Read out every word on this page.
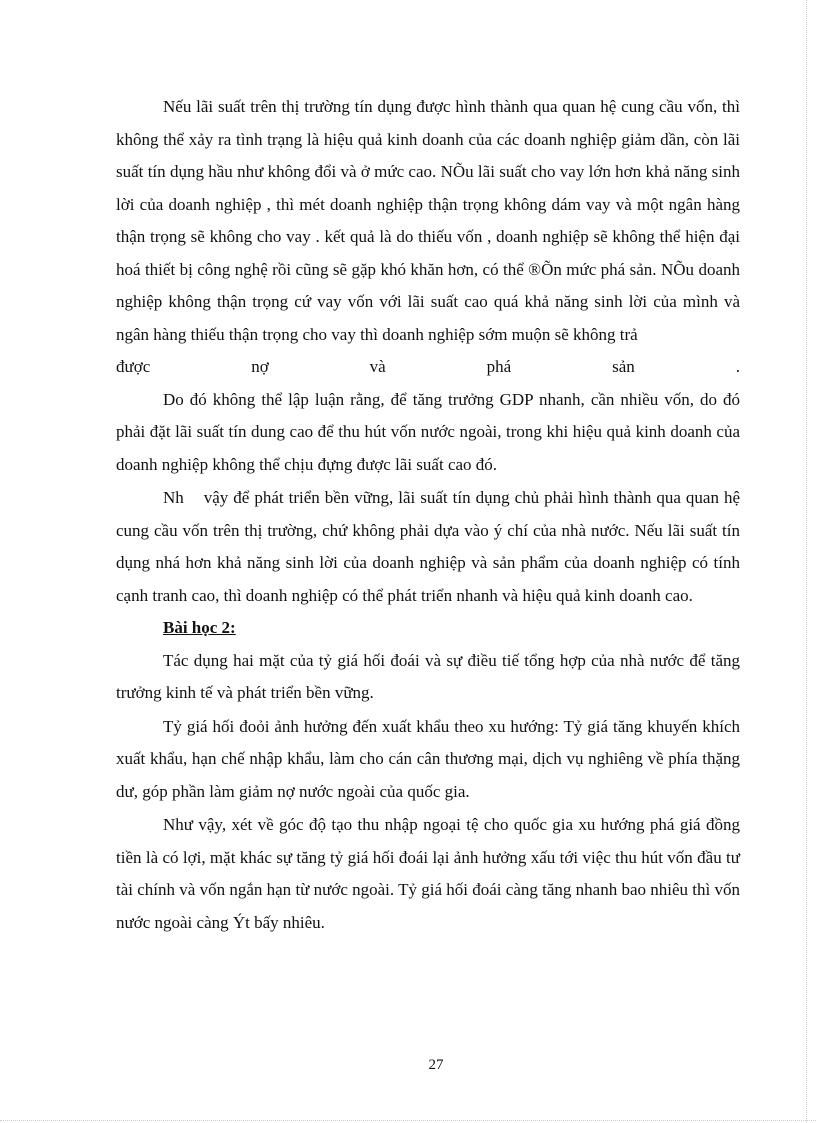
Nếu lãi suất trên thị trường tín dụng được hình thành qua quan hệ cung cầu vốn, thì không thể xảy ra tình trạng là hiệu quả kinh doanh của các doanh nghiệp giảm dần, còn lãi suất tín dụng hầu như không đổi và ở mức cao. NÕu lãi suất cho vay lớn hơn khả năng sinh lời của doanh nghiệp , thì mét doanh nghiệp thận trọng không dám vay và một ngân hàng thận trọng sẽ không cho vay . kết quả là do thiếu vốn , doanh nghiệp sẽ không thể hiện đại hoá thiết bị công nghệ rồi cũng sẽ gặp khó khăn hơn, có thể ®Õn mức phá sản. NÕu doanh nghiệp không thận trọng cứ vay vốn với lãi suất cao quá khả năng sinh lời của mình và ngân hàng thiếu thận trọng cho vay thì doanh nghiệp sớm muộn sẽ không trả

được nợ và phá sản .

Do đó không thể lập luận rằng, để tăng trưởng GDP nhanh, cần nhiều vốn, do đó phải đặt lãi suất tín dung cao để thu hút vốn nước ngoài, trong khi hiệu quả kinh doanh của doanh nghiệp không thể chịu đựng được lãi suất cao đó.

Nh    vậy để phát triển bền vững, lãi suất tín dụng chủ phải hình thành qua quan hệ cung cầu vốn trên thị trường, chứ không phải dựa vào ý chí của nhà nước. Nếu lãi suất tín dụng nhá hơn khả năng sinh lời của doanh nghiệp và sản phẩm của doanh nghiệp có tính cạnh tranh cao, thì doanh nghiệp có thể phát triển nhanh và hiệu quả kinh doanh cao.

Bài học 2:

Tác dụng hai mặt của tỷ giá hối đoái và sự điều tiế tổng hợp của nhà nước để tăng trưởng kinh tế và phát triển bền vững.

Tỷ giá hối đoỏi ảnh hưởng đến xuất khẩu theo xu hướng: Tỷ giá tăng khuyến khích xuất khẩu, hạn chế nhập khẩu, làm cho cán cân thương mại, dịch vụ nghiêng về phía thặng dư, góp phần làm giảm nợ nước ngoài của quốc gia.

Như vậy, xét về góc độ tạo thu nhập ngoại tệ cho quốc gia xu hướng phá giá đồng tiền là có lợi, mặt khác sự tăng tỷ giá hối đoái lại ảnh hưởng xấu tới việc thu hút vốn đầu tư tài chính và vốn ngắn hạn từ nước ngoài. Tỷ giá hối đoái càng tăng nhanh bao nhiêu thì vốn nước ngoài càng Ýt bấy nhiêu.

27
